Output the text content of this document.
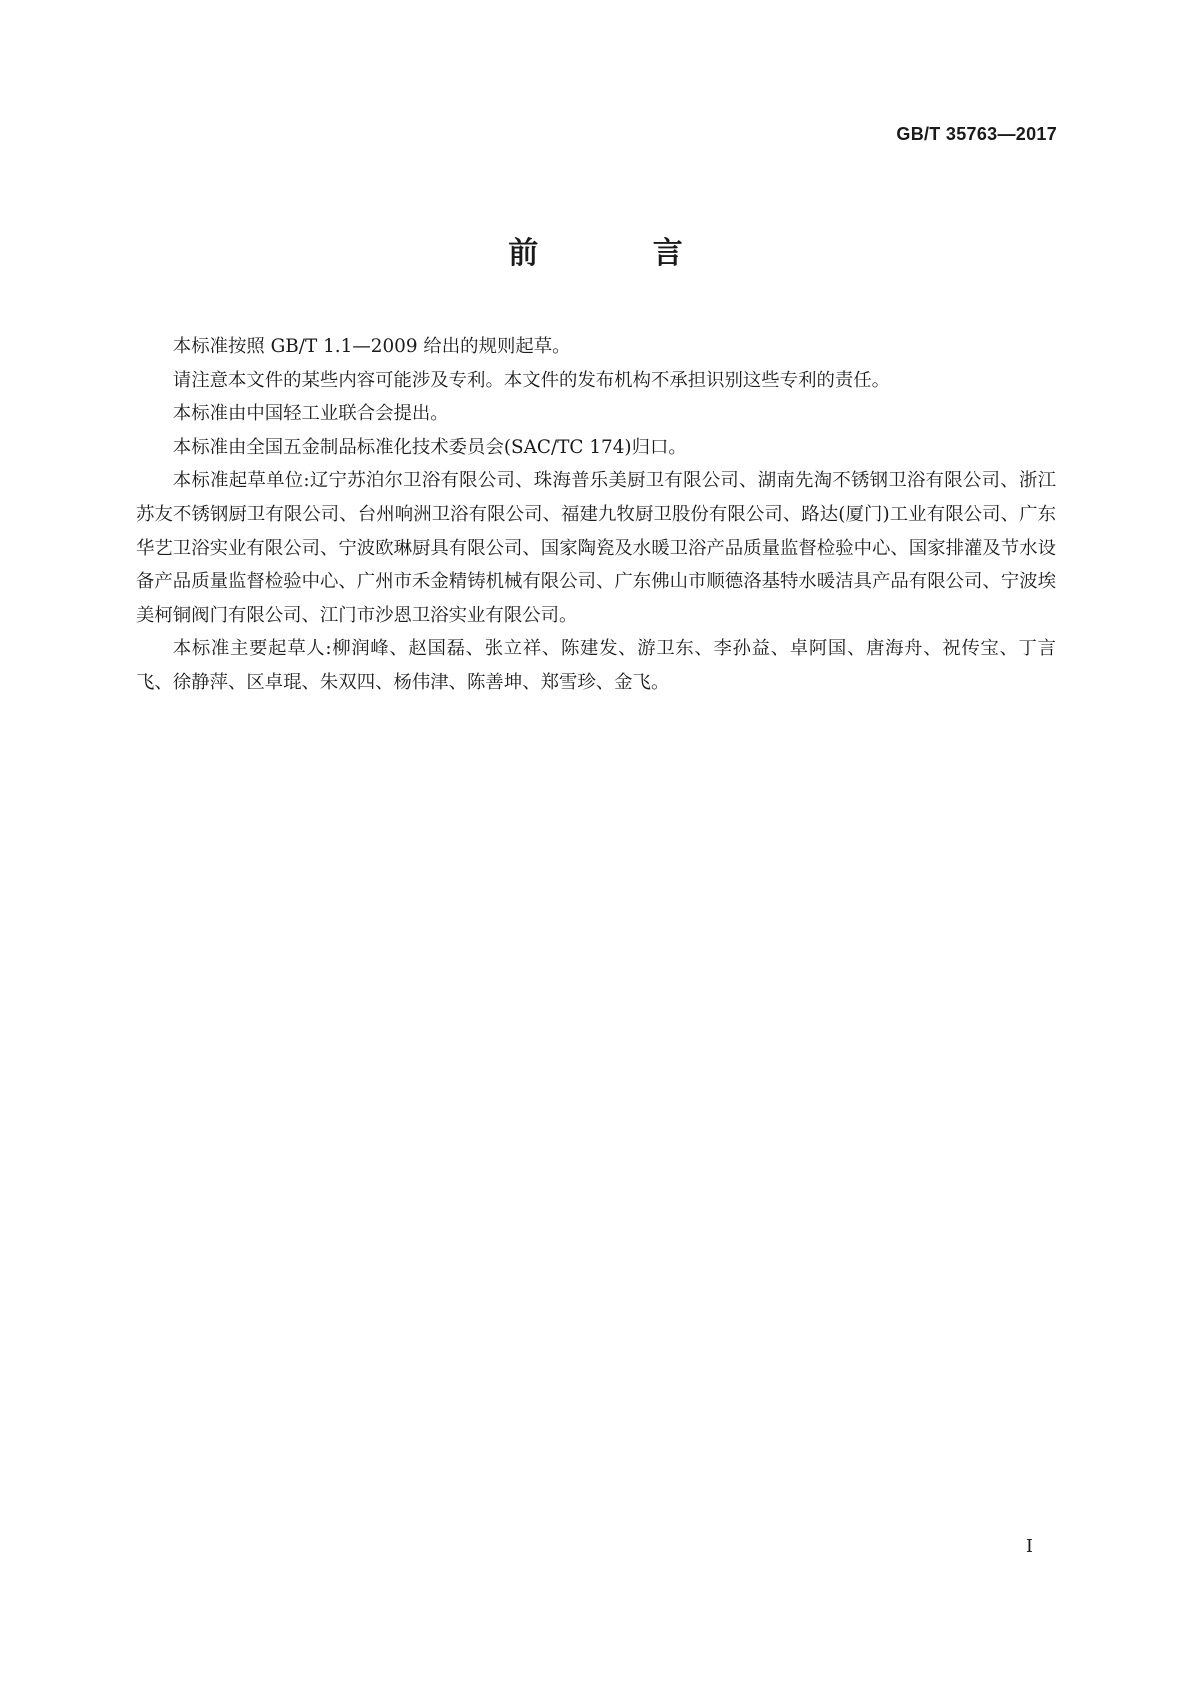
GB/T 35763—2017
前 言

本标准按照 GB/T 1.1—2009 给出的规则起草。

请注意本文件的某些内容可能涉及专利。本文件的发布机构不承担识别这些专利的责任。

本标准由中国轻工业联合会提出。

本标准由全国五金制品标准化技术委员会(SAC/TC 174)归口。

本标准起草单位:辽宁苏泊尔卫浴有限公司、珠海普乐美厨卫有限公司、湖南先淘不锈钢卫浴有限公司、浙江苏友不锈钢厨卫有限公司、台州响洲卫浴有限公司、福建九牧厨卫股份有限公司、路达(厦门)工业有限公司、广东华艺卫浴实业有限公司、宁波欧琳厨具有限公司、国家陶瓷及水暖卫浴产品质量监督检验中心、国家排灌及节水设备产品质量监督检验中心、广州市禾金精铸机械有限公司、广东佛山市顺德洛基特水暖洁具产品有限公司、宁波埃美柯铜阀门有限公司、江门市沙恩卫浴实业有限公司。

本标准主要起草人:柳润峰、赵国磊、张立祥、陈建发、游卫东、李孙益、卓阿国、唐海舟、祝传宝、丁言飞、徐静萍、区卓琨、朱双四、杨伟津、陈善坤、郑雪珍、金飞。

I
